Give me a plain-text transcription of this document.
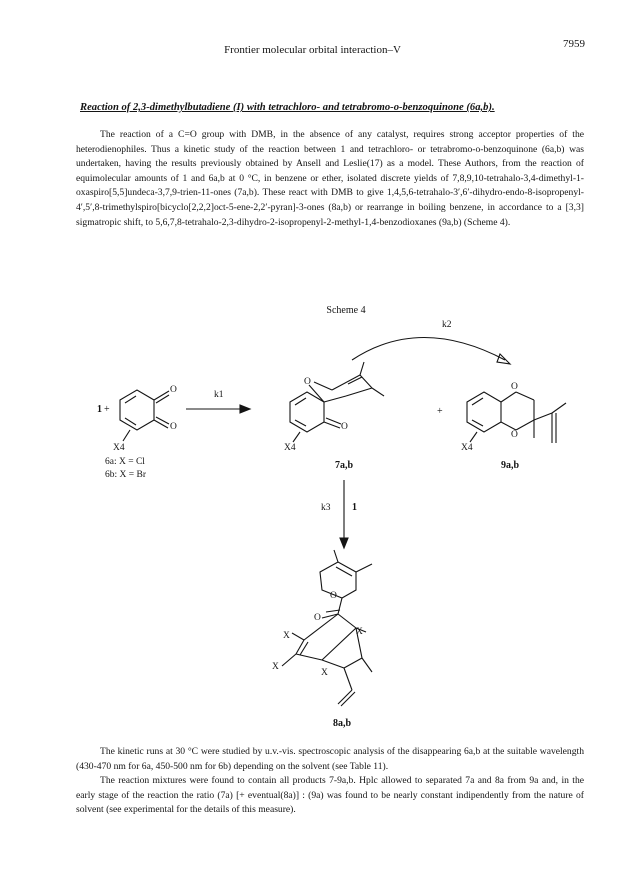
7959
Frontier molecular orbital interaction–V
Reaction of 2,3-dimethylbutadiene (I) with tetrachloro- and tetrabromo-o-benzoquinone (6a,b).

The reaction of a C=O group with DMB, in the absence of any catalyst, requires strong acceptor properties of the heterodienophiles. Thus a kinetic study of the reaction between 1 and tetrachloro- or tetrabromo-o-benzoquinone (6a,b) was undertaken, having the results previously obtained by Ansell and Leslie(17) as a model. These Authors, from the reaction of equimolecular amounts of 1 and 6a,b at 0 °C, in benzene or ether, isolated discrete yields of 7,8,9,10-tetrahalo-3,4-dimethyl-1-oxaspiro[5,5]undeca-3,7,9-trien-11-ones (7a,b). These react with DMB to give 1,4,5,6-tetrahalo-3′,6′-dihydro-endo-8-isopropenyl-4′,5′,8-trimethylspiro[bicyclo[2,2,2]oct-5-ene-2,2′-pyran]-3-ones (8a,b) or rearrange in boiling benzene, in accordance to a [3,3] sigmatropic shift, to 5,6,7,8-tetrahalo-2,3-dihydro-2-isopropenyl-2-methyl-1,4-benzodioxanes (9a,b) (Scheme 4).

Scheme 4
1 +
O
O
X4
k1
O
O
X4
k2
+
O
O
X4
6a: X = Cl
6b: X = Br
7a,b	9a,b
k3 1
O
O
X
X
X
X
8a,b

The kinetic runs at 30 °C were studied by u.v.-vis. spectroscopic analysis of the disappearing 6a,b at the suitable wavelength (430-470 nm for 6a, 450-500 nm for 6b) depending on the solvent (see Table 11).

The reaction mixtures were found to contain all products 7-9a,b. Hplc allowed to separated 7a and 8a from 9a and, in the early stage of the reaction the ratio (7a) [+ eventual(8a)] : (9a) was found to be nearly constant indipendently from the nature of solvent (see experimental for the details of this measure).
